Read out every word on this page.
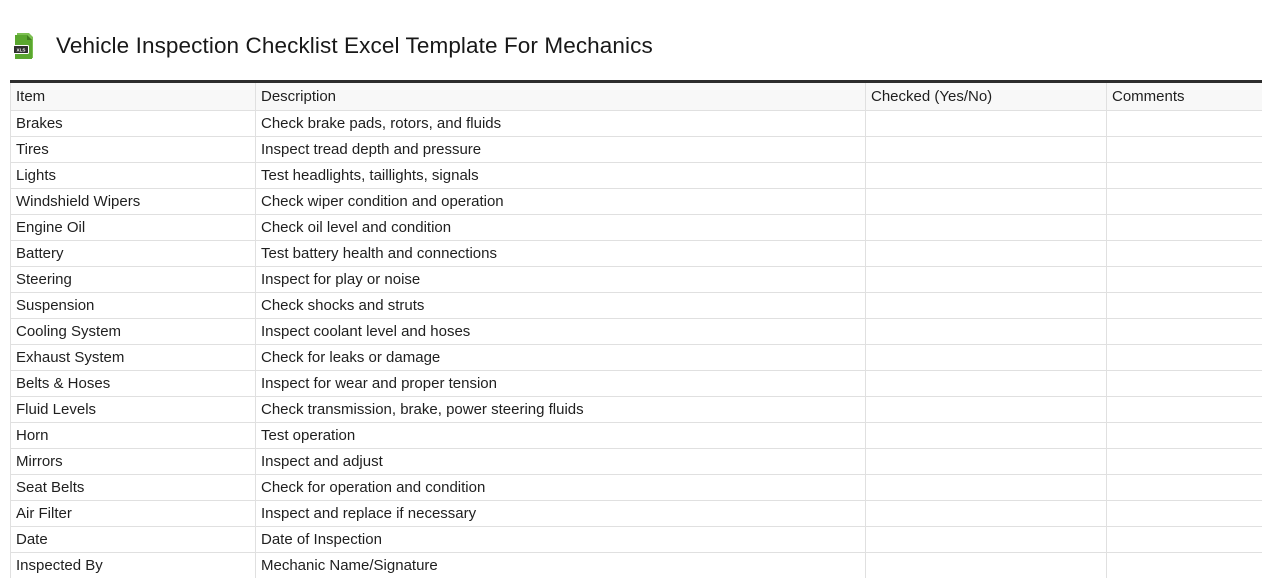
XLS Vehicle Inspection Checklist Excel Template For Mechanics
Item	Description	Checked (Yes/No)	Comments
Brakes	Check brake pads, rotors, and fluids		
Tires	Inspect tread depth and pressure		
Lights	Test headlights, taillights, signals		
Windshield Wipers	Check wiper condition and operation		
Engine Oil	Check oil level and condition		
Battery	Test battery health and connections		
Steering	Inspect for play or noise		
Suspension	Check shocks and struts		
Cooling System	Inspect coolant level and hoses		
Exhaust System	Check for leaks or damage		
Belts & Hoses	Inspect for wear and proper tension		
Fluid Levels	Check transmission, brake, power steering fluids		
Horn	Test operation		
Mirrors	Inspect and adjust		
Seat Belts	Check for operation and condition		
Air Filter	Inspect and replace if necessary		
Date	Date of Inspection		
Inspected By	Mechanic Name/Signature		
